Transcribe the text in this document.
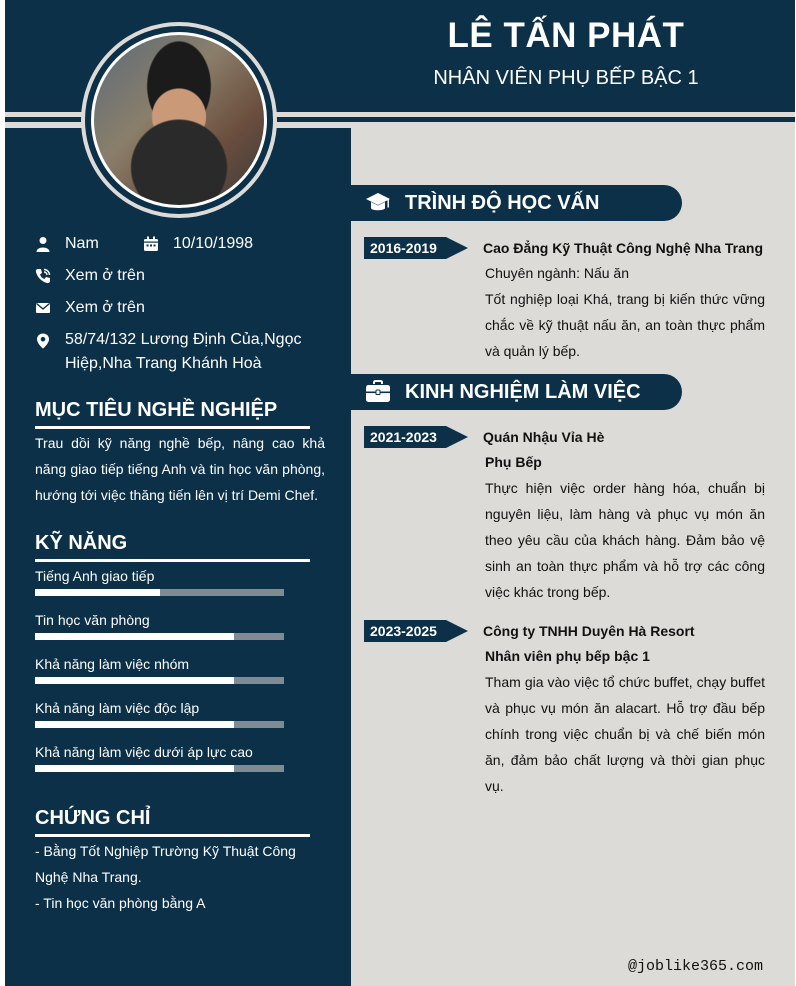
LÊ TẤN PHÁT
NHÂN VIÊN PHỤ BẾP BẬC 1
Nam	10/10/1998
Xem ở trên
Xem ở trên
58/74/132 Lương Định Của,Ngọc Hiệp,Nha Trang Khánh Hoà
MỤC TIÊU NGHỀ NGHIỆP
Trau dồi kỹ năng nghề bếp, nâng cao khả năng giao tiếp tiếng Anh và tin học văn phòng, hướng tới việc thăng tiến lên vị trí Demi Chef.
KỸ NĂNG
Tiếng Anh giao tiếp
Tin học văn phòng
Khả năng làm việc nhóm
Khả năng làm việc độc lập
Khả năng làm việc dưới áp lực cao
CHỨNG CHỈ
- Bằng Tốt Nghiệp Trường Kỹ Thuật Công Nghệ Nha Trang.
- Tin học văn phòng bằng A
TRÌNH ĐỘ HỌC VẤN
2016-2019	Cao Đẳng Kỹ Thuật Công Nghệ Nha Trang
Chuyên ngành: Nấu ăn
Tốt nghiệp loại Khá, trang bị kiến thức vững chắc về kỹ thuật nấu ăn, an toàn thực phẩm và quản lý bếp.
KINH NGHIỆM LÀM VIỆC
2021-2023	Quán Nhậu Vỉa Hè
Phụ Bếp
Thực hiện việc order hàng hóa, chuẩn bị nguyên liệu, làm hàng và phục vụ món ăn theo yêu cầu của khách hàng. Đảm bảo vệ sinh an toàn thực phẩm và hỗ trợ các công việc khác trong bếp.
2023-2025	Công ty TNHH Duyên Hà Resort
Nhân viên phụ bếp bậc 1
Tham gia vào việc tổ chức buffet, chạy buffet và phục vụ món ăn alacart. Hỗ trợ đầu bếp chính trong việc chuẩn bị và chế biến món ăn, đảm bảo chất lượng và thời gian phục vụ.
@joblike365.com
